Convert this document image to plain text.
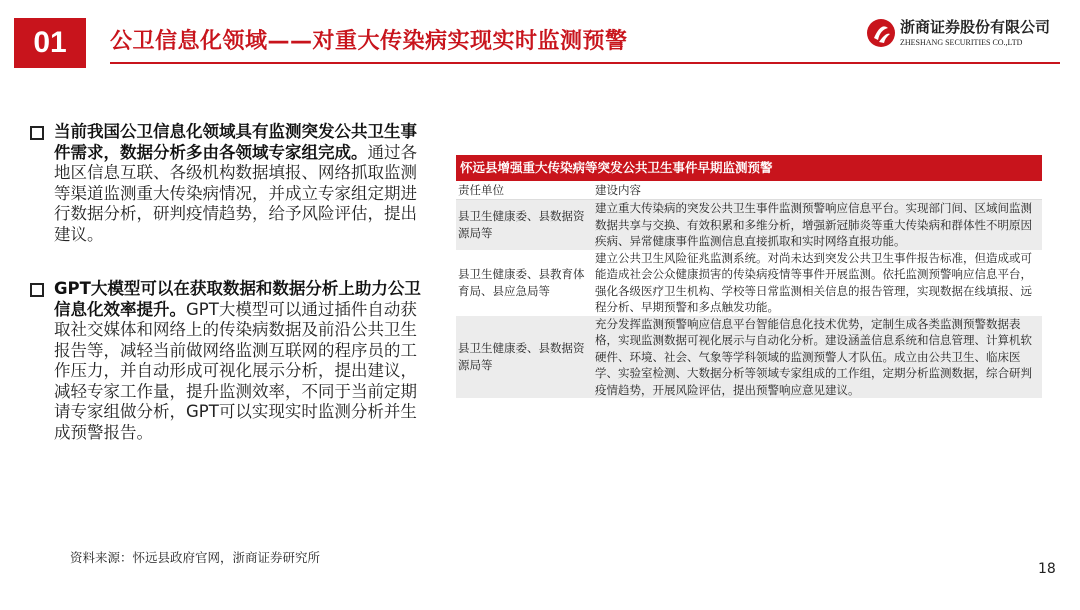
01	公卫信息化领域——对重大传染病实现实时监测预警
浙商证券股份有限公司
ZHESHANG SECURITIES CO.,LTD
当前我国公卫信息化领域具有监测突发公共卫生事件需求，数据分析多由各领域专家组完成。通过各地区信息互联、各级机构数据填报、网络抓取监测等渠道监测重大传染病情况，并成立专家组定期进行数据分析，研判疫情趋势，给予风险评估，提出建议。
GPT大模型可以在获取数据和数据分析上助力公卫信息化效率提升。GPT大模型可以通过插件自动获取社交媒体和网络上的传染病数据及前沿公共卫生报告等，减轻当前做网络监测互联网的程序员的工作压力，并自动形成可视化展示分析，提出建议，减轻专家工作量，提升监测效率，不同于当前定期请专家组做分析，GPT可以实现实时监测分析并生成预警报告。
怀远县增强重大传染病等突发公共卫生事件早期监测预警
责任单位	建设内容
县卫生健康委、县数据资源局等	建立重大传染病的突发公共卫生事件监测预警响应信息平台。实现部门间、区域间监测数据共享与交换、有效积累和多维分析，增强新冠肺炎等重大传染病和群体性不明原因疾病、异常健康事件监测信息直接抓取和实时网络直报功能。
县卫生健康委、县教育体育局、县应急局等	建立公共卫生风险征兆监测系统。对尚未达到突发公共卫生事件报告标准，但造成或可能造成社会公众健康损害的传染病疫情等事件开展监测。依托监测预警响应信息平台，强化各级医疗卫生机构、学校等日常监测相关信息的报告管理，实现数据在线填报、远程分析、早期预警和多点触发功能。
县卫生健康委、县数据资源局等	充分发挥监测预警响应信息平台智能信息化技术优势，定制生成各类监测预警数据表格，实现监测数据可视化展示与自动化分析。建设涵盖信息系统和信息管理、计算机软硬件、环境、社会、气象等学科领域的监测预警人才队伍。成立由公共卫生、临床医学、实验室检测、大数据分析等领域专家组成的工作组，定期分析监测数据，综合研判疫情趋势，开展风险评估，提出预警响应意见建议。
资料来源：怀远县政府官网，浙商证券研究所
18
